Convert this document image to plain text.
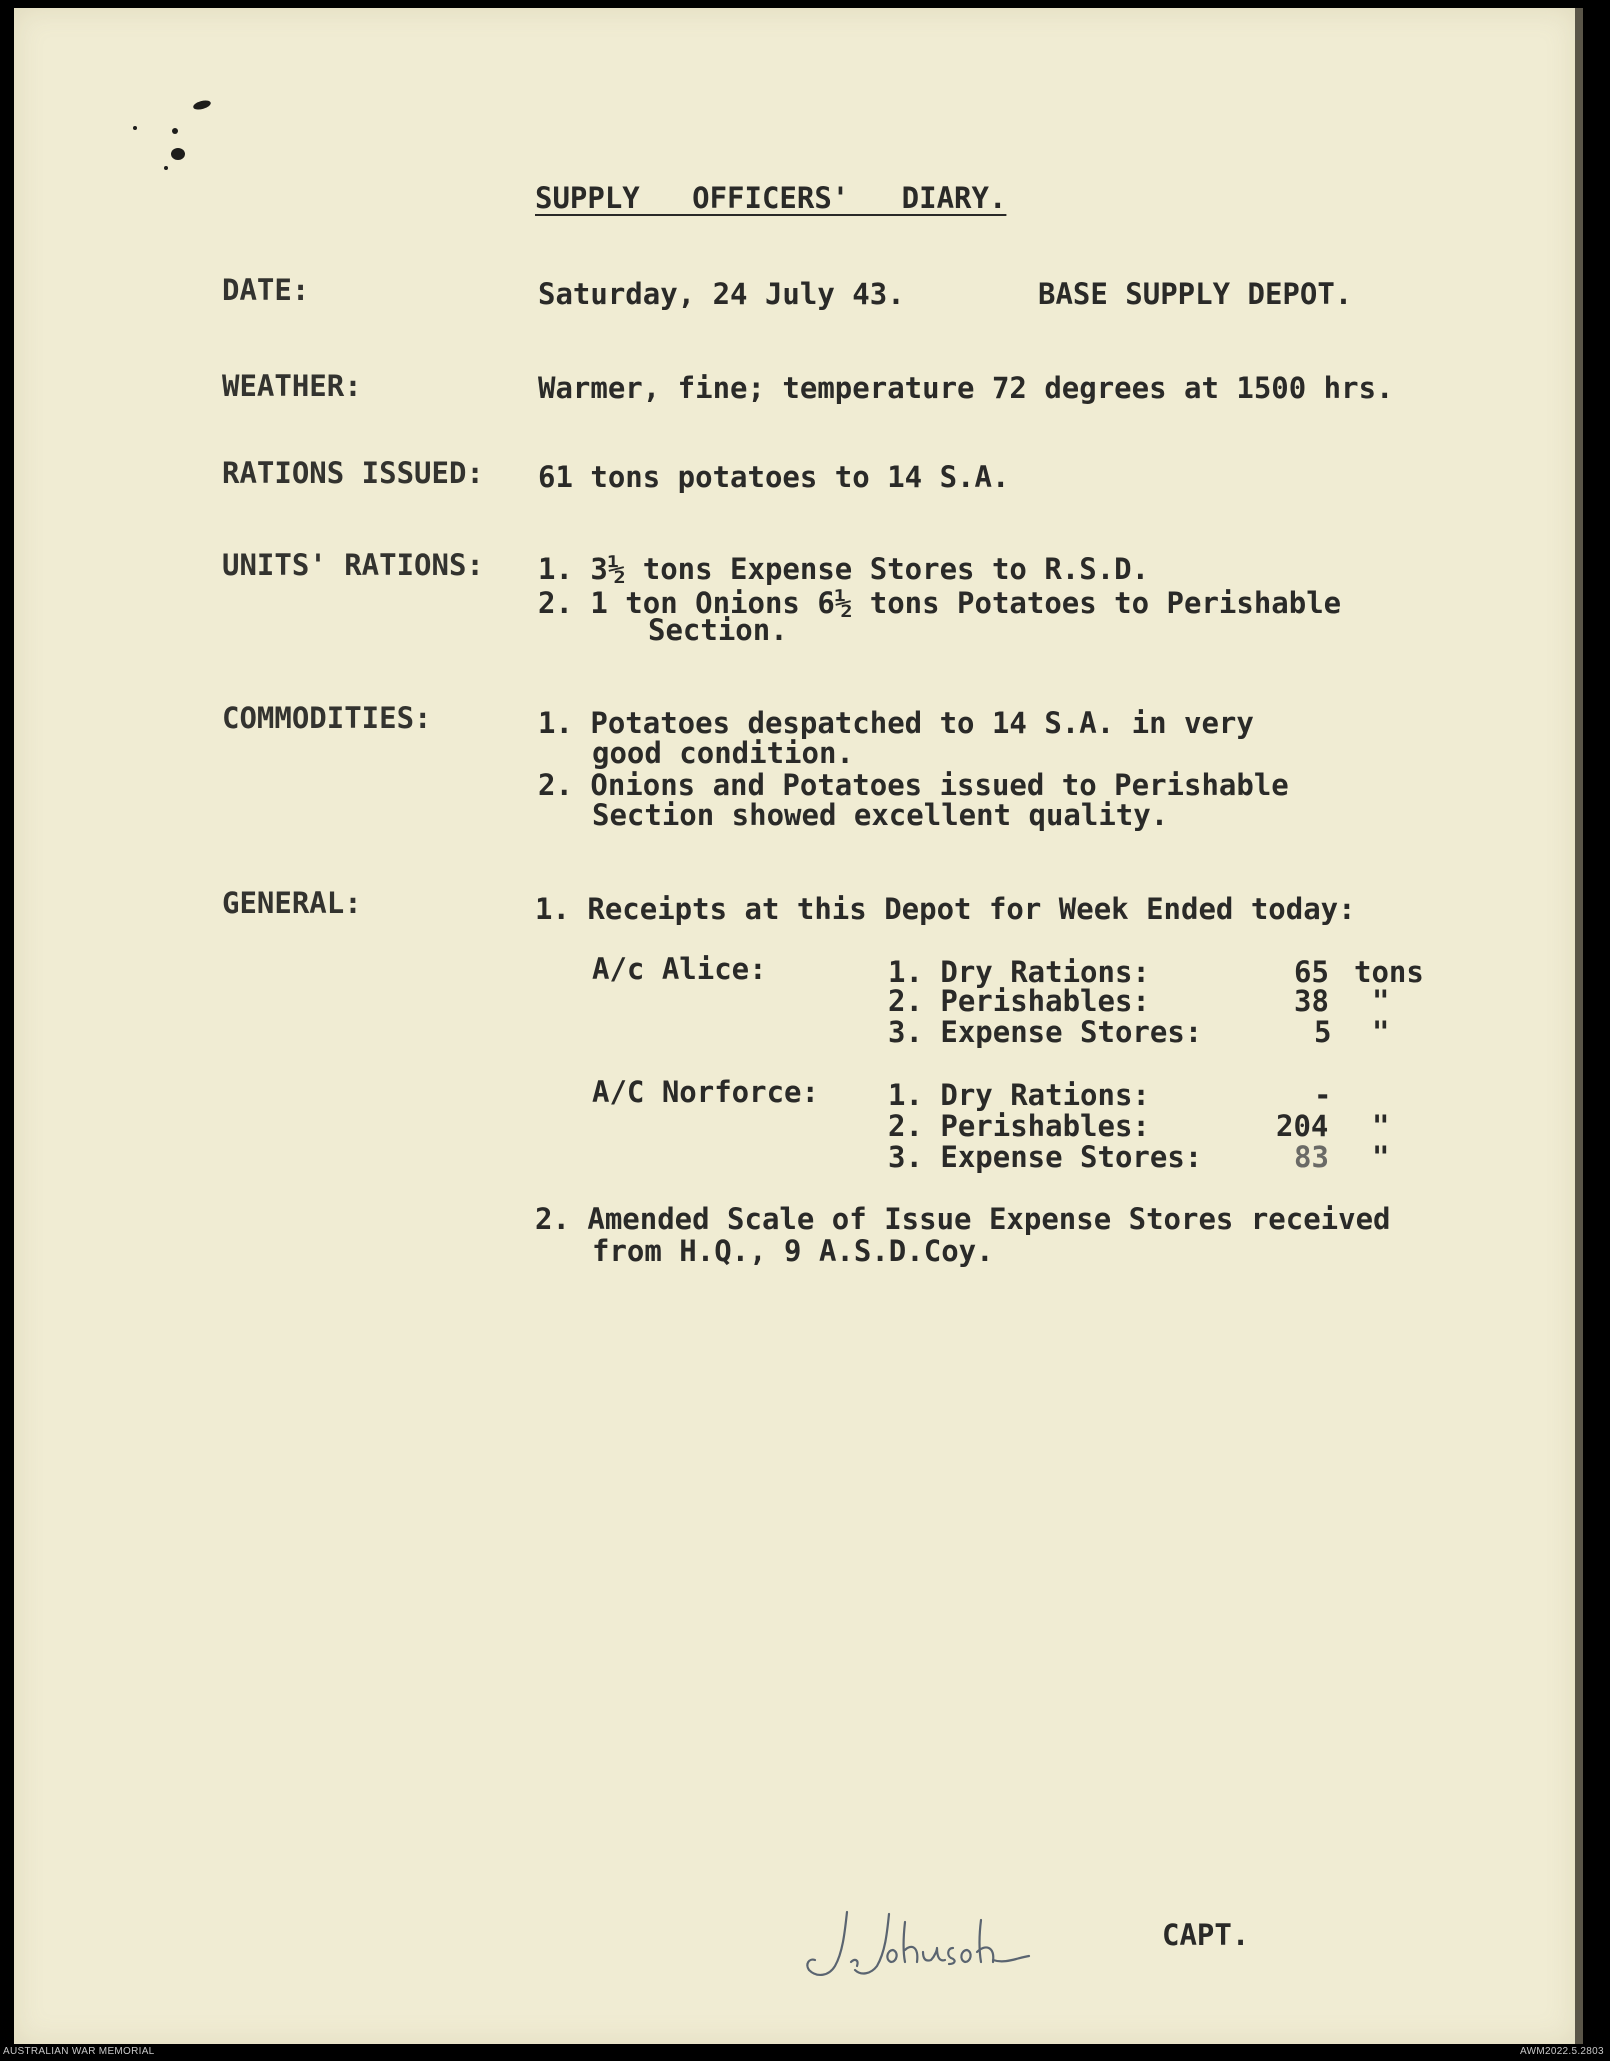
SUPPLY   OFFICERS'   DIARY.
DATE:	Saturday, 24 July 43.	BASE SUPPLY DEPOT.
WEATHER:	Warmer, fine; temperature 72 degrees at 1500 hrs.
RATIONS ISSUED: 61 tons potatoes to 14 S.A.
UNITS' RATIONS: 1. 3½ tons Expense Stores to R.S.D.
2. 1 ton Onions 6½ tons Potatoes to Perishable
Section.
COMMODITIES:	1. Potatoes despatched to 14 S.A. in very
good condition.
2. Onions and Potatoes issued to Perishable
Section showed excellent quality.
GENERAL:	1. Receipts at this Depot for Week Ended today:
A/c Alice:	1. Dry Rations:	65 tons
2. Perishables:	38 "
3. Expense Stores:	5 "
A/C Norforce: 1. Dry Rations:	-
2. Perishables:	204 "
3. Expense Stores:	83 "
2. Amended Scale of Issue Expense Stores received
from H.Q., 9 A.S.D.Coy.
CAPT.
AUSTRALIAN WAR MEMORIAL	AWM2022.5.2803
